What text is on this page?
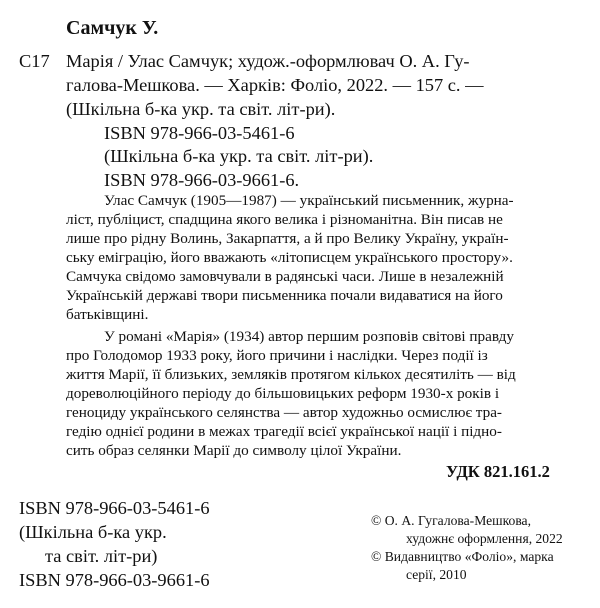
Самчук У.
С17 Марія / Улас Самчук; худож.-оформлювач О. А. Гу-
галова-Мешкова. — Харків: Фоліо, 2022. — 157 с. —
(Шкільна б-ка укр. та світ. літ-ри).
ISBN 978-966-03-5461-6
(Шкільна б-ка укр. та світ. літ-ри).
ISBN 978-966-03-9661-6.
Улас Самчук (1905—1987) — український письменник, журна-
ліст, публіцист, спадщина якого велика і різноманітна. Він писав не
лише про рідну Волинь, Закарпаття, а й про Велику Україну, україн-
ську еміграцію, його вважають «літописцем українського простору».
Самчука свідомо замовчували в радянські часи. Лише в незалежній
Українській державі твори письменника почали видаватися на його
батьківщині.
У романі «Марія» (1934) автор першим розповів світові правду
про Голодомор 1933 року, його причини і наслідки. Через події із
життя Марії, її близьких, земляків протягом кількох десятиліть — від
дореволюційного періоду до більшовицьких реформ 1930-х років і
геноциду українського селянства — автор художньо осмислює тра-
гедію однієї родини в межах трагедії всієї української нації і підно-
сить образ селянки Марії до символу цілої України.
УДК 821.161.2
ISBN 978-966-03-5461-6
(Шкільна б-ка укр.
та світ. літ-ри)
ISBN 978-966-03-9661-6
© О. А. Гугалова-Мешкова,
художнє оформлення, 2022
© Видавництво «Фоліо», марка
серії, 2010
